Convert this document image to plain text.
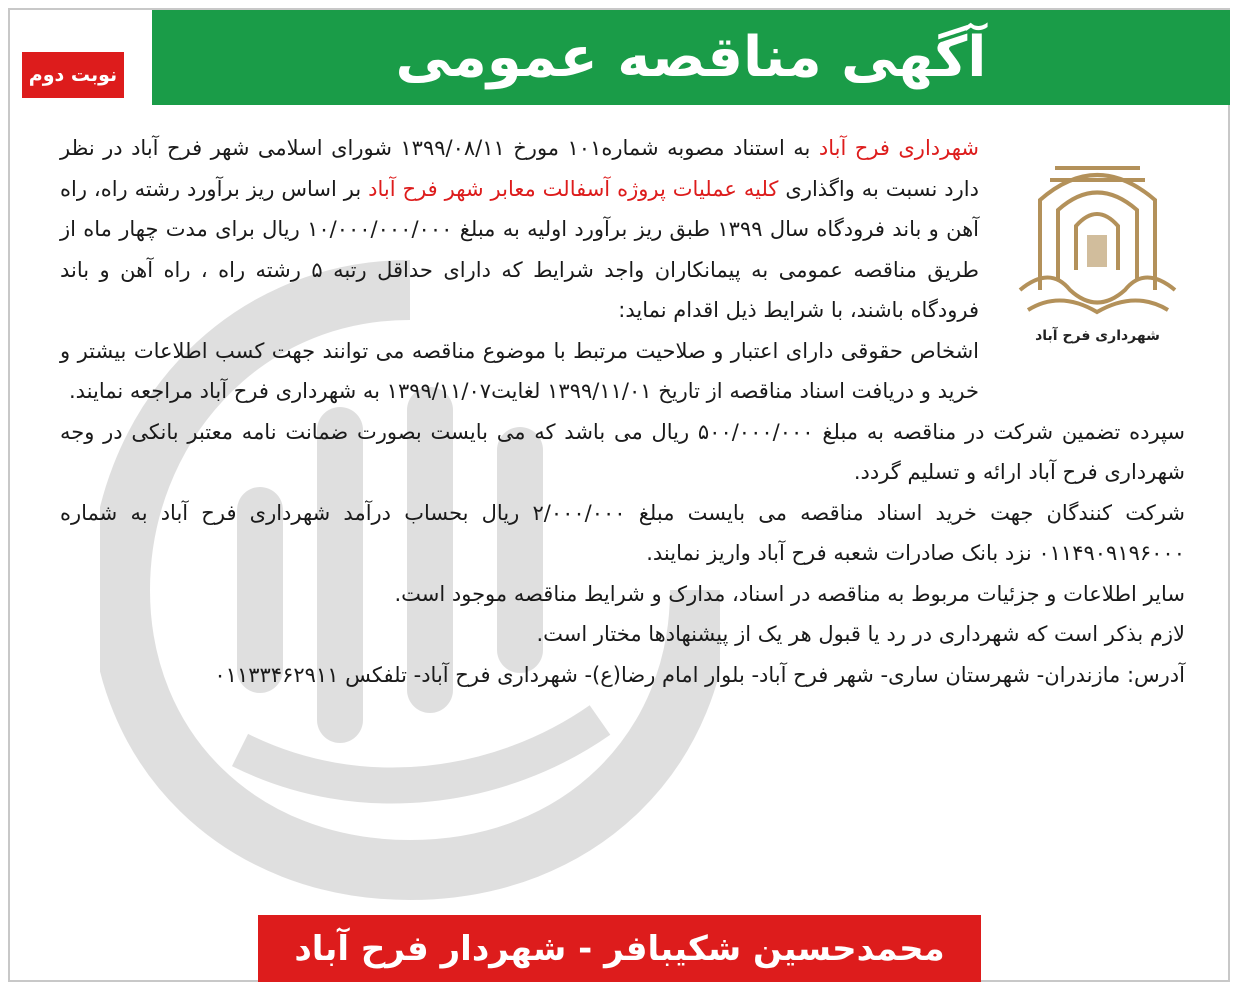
آگهی مناقصه عمومی
نوبت دوم
شهرداری فرح آباد

شهرداری فرح آباد به استناد مصوبه شماره۱۰۱ مورخ ۱۳۹۹/۰۸/۱۱ شورای اسلامی شهر فرح آباد در نظر دارد نسبت به واگذاری کلیه عملیات پروژه آسفالت معابر شهر فرح آباد بر اساس ریز برآورد رشته راه، راه آهن و باند فرودگاه سال ۱۳۹۹ طبق ریز برآورد اولیه به مبلغ ۱۰/۰۰۰/۰۰۰/۰۰۰ ریال برای مدت چهار ماه از طریق مناقصه عمومی به پیمانکاران واجد شرایط که دارای حداقل رتبه ۵ رشته راه ، راه آهن و باند فرودگاه باشند، با شرایط ذیل اقدام نماید:

اشخاص حقوقی دارای اعتبار و صلاحیت مرتبط با موضوع مناقصه می توانند جهت کسب اطلاعات بیشتر و خرید و دریافت اسناد مناقصه از تاریخ ۱۳۹۹/۱۱/۰۱ لغایت۱۳۹۹/۱۱/۰۷ به شهرداری فرح آباد مراجعه نمایند.

سپرده تضمین شرکت در مناقصه به مبلغ ۵۰۰/۰۰۰/۰۰۰ ریال می باشد که می بایست بصورت ضمانت نامه معتبر بانکی در وجه شهرداری فرح آباد ارائه و تسلیم گردد.

شرکت کنندگان جهت خرید اسناد مناقصه می بایست مبلغ ۲/۰۰۰/۰۰۰ ریال بحساب درآمد شهرداری فرح آباد به شماره ۰۱۱۴۹۰۹۱۹۶۰۰۰ نزد بانک صادرات شعبه فرح آباد واریز نمایند.

سایر اطلاعات و جزئیات مربوط به مناقصه در اسناد، مدارک و شرایط مناقصه موجود است.

لازم بذکر است که شهرداری در رد یا قبول هر یک از پیشنهادها مختار است.

آدرس: مازندران- شهرستان ساری- شهر فرح آباد- بلوار امام رضا(ع)- شهرداری فرح آباد- تلفکس ۰۱۱۳۳۴۶۲۹۱۱

محمدحسین شکیبافر - شهردار فرح آباد
